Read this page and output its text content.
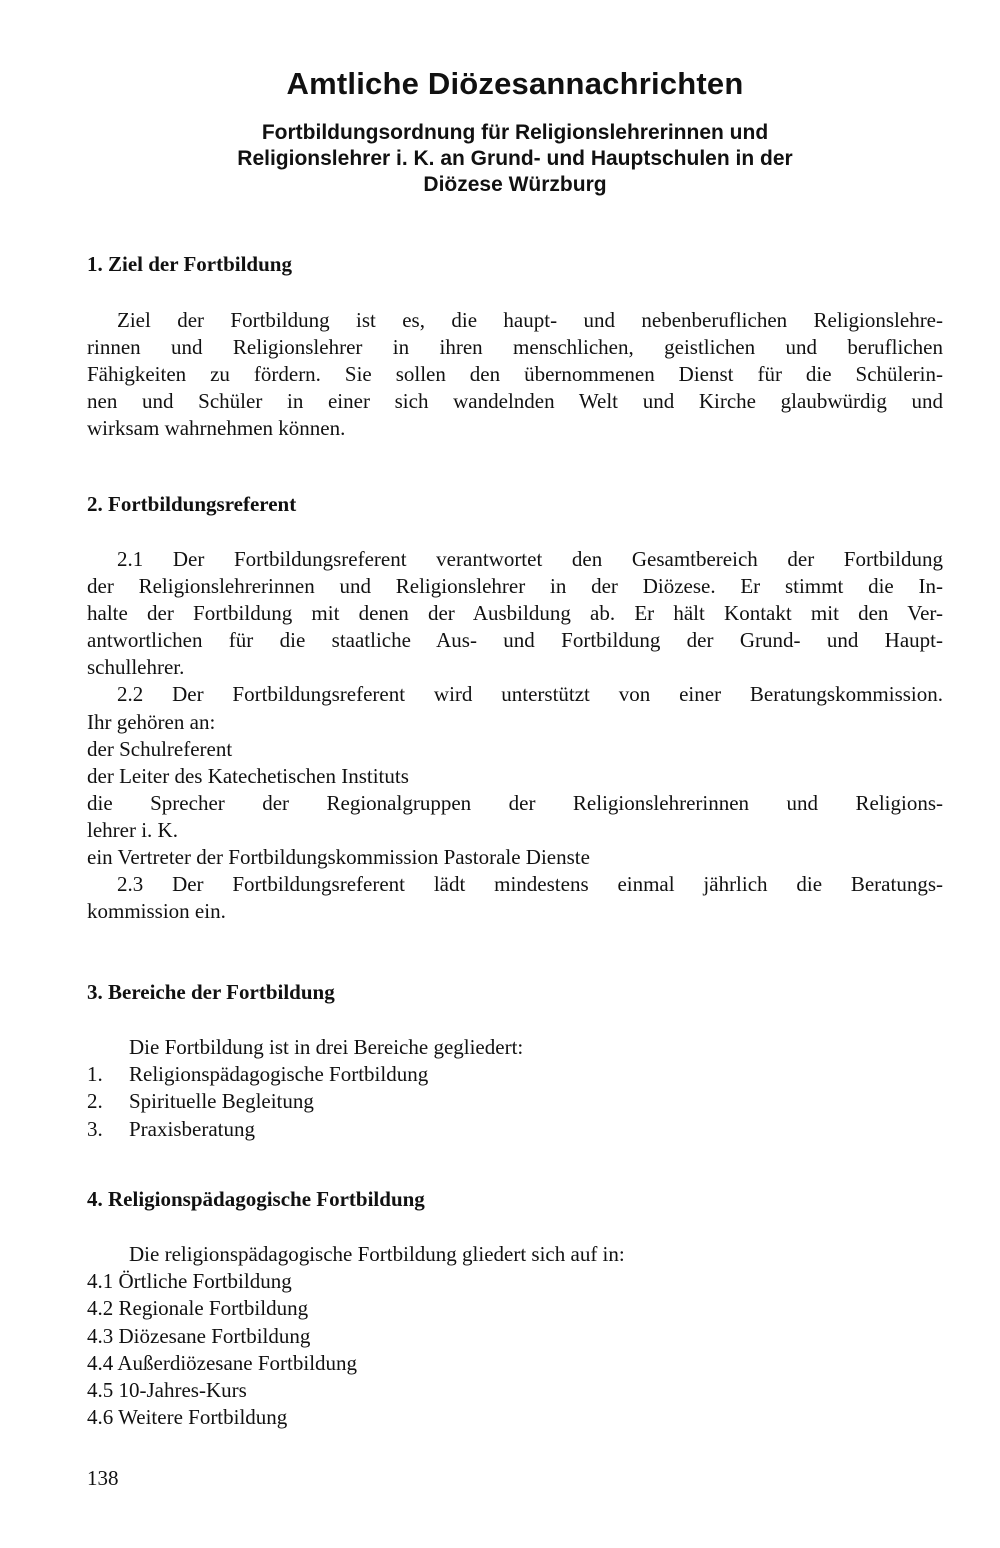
Amtliche Diözesannachrichten
Fortbildungsordnung für Religionslehrerinnen und
Religionslehrer i. K. an Grund- und Hauptschulen in der
Diözese Würzburg
1. Ziel der Fortbildung
Ziel der Fortbildung ist es, die haupt- und nebenberuflichen Religionslehre-
rinnen und Religionslehrer in ihren menschlichen, geistlichen und beruflichen
Fähigkeiten zu fördern. Sie sollen den übernommenen Dienst für die Schülerin-
nen und Schüler in einer sich wandelnden Welt und Kirche glaubwürdig und
wirksam wahrnehmen können.
2. Fortbildungsreferent
2.1 Der Fortbildungsreferent verantwortet den Gesamtbereich der Fortbildung
der Religionslehrerinnen und Religionslehrer in der Diözese. Er stimmt die In-
halte der Fortbildung mit denen der Ausbildung ab. Er hält Kontakt mit den Ver-
antwortlichen für die staatliche Aus- und Fortbildung der Grund- und Haupt-
schullehrer.
2.2 Der Fortbildungsreferent wird unterstützt von einer Beratungskommission.
Ihr gehören an:
der Schulreferent
der Leiter des Katechetischen Instituts
die Sprecher der Regionalgruppen der Religionslehrerinnen und Religions-
lehrer i. K.
ein Vertreter der Fortbildungskommission Pastorale Dienste
2.3 Der Fortbildungsreferent lädt mindestens einmal jährlich die Beratungs-
kommission ein.
3. Bereiche der Fortbildung
Die Fortbildung ist in drei Bereiche gegliedert:
1.	Religionspädagogische Fortbildung
2.	Spirituelle Begleitung
3.	Praxisberatung
4. Religionspädagogische Fortbildung
Die religionspädagogische Fortbildung gliedert sich auf in:
4.1 Örtliche Fortbildung
4.2 Regionale Fortbildung
4.3 Diözesane Fortbildung
4.4 Außerdiözesane Fortbildung
4.5 10-Jahres-Kurs
4.6 Weitere Fortbildung
138
